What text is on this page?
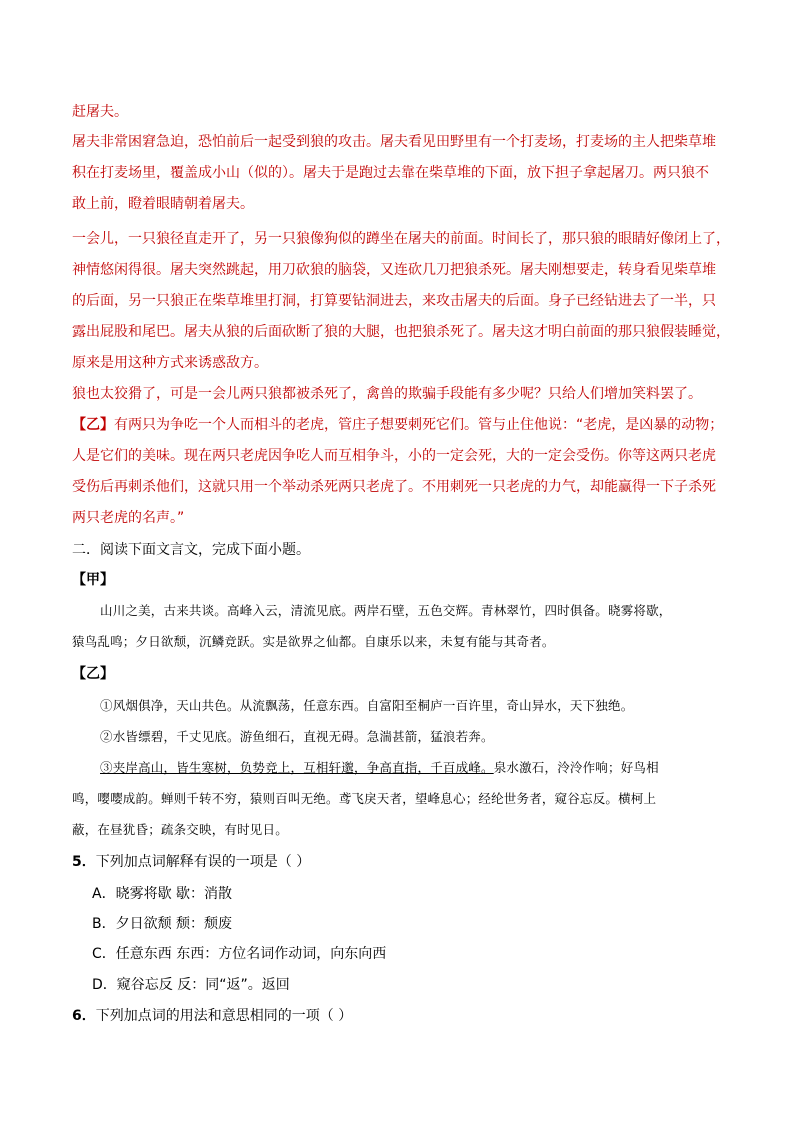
赶屠夫。
屠夫非常困窘急迫，恐怕前后一起受到狼的攻击。屠夫看见田野里有一个打麦场，打麦场的主人把柴草堆
积在打麦场里，覆盖成小山（似的）。屠夫于是跑过去靠在柴草堆的下面，放下担子拿起屠刀。两只狼不
敢上前，瞪着眼睛朝着屠夫。
一会儿，一只狼径直走开了，另一只狼像狗似的蹲坐在屠夫的前面。时间长了，那只狼的眼睛好像闭上了，
神情悠闲得很。屠夫突然跳起，用刀砍狼的脑袋，又连砍几刀把狼杀死。屠夫刚想要走，转身看见柴草堆
的后面，另一只狼正在柴草堆里打洞，打算要钻洞进去，来攻击屠夫的后面。身子已经钻进去了一半，只
露出屁股和尾巴。屠夫从狼的后面砍断了狼的大腿，也把狼杀死了。屠夫这才明白前面的那只狼假装睡觉，
原来是用这种方式来诱惑敌方。
狼也太狡猾了，可是一会儿两只狼都被杀死了，禽兽的欺骗手段能有多少呢？只给人们增加笑料罢了。
【乙】有两只为争吃一个人而相斗的老虎，管庄子想要刺死它们。管与止住他说：“老虎，是凶暴的动物；
人是它们的美味。现在两只老虎因争吃人而互相争斗，小的一定会死，大的一定会受伤。你等这两只老虎
受伤后再刺杀他们，这就只用一个举动杀死两只老虎了。不用刺死一只老虎的力气，却能赢得一下子杀死
两只老虎的名声。”
二．阅读下面文言文，完成下面小题。
【甲】
山川之美，古来共谈。高峰入云，清流见底。两岸石壁，五色交辉。青林翠竹，四时俱备。晓雾将歇，
猿鸟乱鸣；夕日欲颓，沉鳞竞跃。实是欲界之仙都。自康乐以来，未复有能与其奇者。
【乙】
①风烟俱净，天山共色。从流飘荡，任意东西。自富阳至桐庐一百许里，奇山异水，天下独绝。
②水皆缥碧，千丈见底。游鱼细石，直视无碍。急湍甚箭，猛浪若奔。
③夹岸高山，皆生寒树，负势竞上，互相轩邈，争高直指，千百成峰。泉水激石，泠泠作响；好鸟相
鸣，嘤嘤成韵。蝉则千转不穷，猿则百叫无绝。鸢飞戾天者，望峰息心；经纶世务者，窥谷忘反。横柯上
蔽，在昼犹昏；疏条交映，有时见日。
5．下列加点词解释有误的一项是（ ）
A．晓雾将歇 歇：消散
B．夕日欲颓 颓：颓废
C．任意东西 东西：方位名词作动词，向东向西
D．窥谷忘反 反：同“返”。返回
6．下列加点词的用法和意思相同的一项（ ）
